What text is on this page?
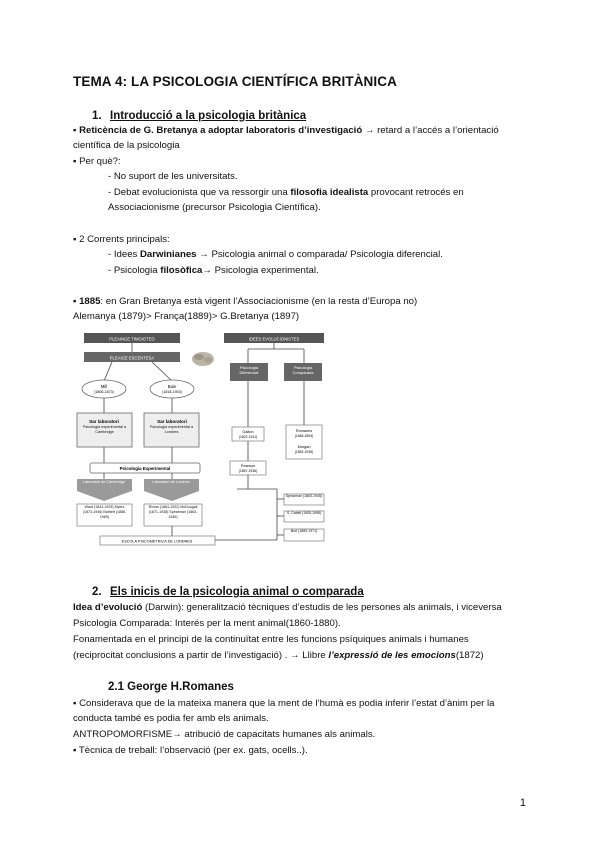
TEMA 4: LA PSICOLOGIA CIENTÍFICA BRITÀNICA
1. Introducció a la psicologia britànica
▪ Reticència de G. Bretanya a adoptar laboratoris d’investigació → retard a l’accés a l’orientació
científica de la psicologia
▪ Per què?:
- No suport de les universitats.
- Debat evolucionista que va ressorgir una filosofia idealista provocant retrocés en
Associacionisme (precursor Psicologia Científica).
▪ 2 Corrents principals:
- Idees Darwinianes → Psicologia animal o comparada/ Psicologia diferencial.
- Psicologia filosòfica→ Psicologia experimental.
▪ 1885: en Gran Bretanya està vigent l’Associacionisme (en la resta d’Europa no)
Alemanya (1879)> França(1889)> G.Bretanya (1897)
PLEAINGE TIMOIOTEO
PLEAIGE ESCENTESA
Mill
(1806-1873)
Bain
(1818-1903)
Sar laboratori
Psicologia experimental a Cambridge
Sar laboratori
Psicologia experimental a Londres
Psicologia Experimental
Laboratori de Cambridge	Laboratori de Londres
Ward (1843-1925) Myers (1873-1946) Bartlett (1886-1969)
Rivers (1864-1922) McDougall (1871-1938) Spearman (1863-1945)
ESCOLA PSICOMÈTRICA DE LONDRES
IDEES EVOLUCIONISTES
Psicologia Diferencial
Psicologia Comparada
Galton
(1822-1911)
Romanes
(1848-1894)
Morgan
(1852-1936)
Pearson
(1857-1936)
Spearman (1863-1945)
S. Cattell (1905-1998)
Burt (1883-1971)
2. Els inicis de la psicologia animal o comparada
Idea d’evolució (Darwin): generalització tècniques d’estudis de les persones als animals, i viceversa
Psicologia Comparada: Interés per la ment animal(1860-1880).
Fonamentada en el principi de la continuïtat entre les funcions psíquiques animals i humanes
(reciprocitat conclusions a partir de l’investigació) . → Llibre l’expressió de les emocions(1872)
2.1 George H.Romanes
▪ Considerava que de la mateixa manera que la ment de l’humà es podia inferir l’estat d’ànim per la
conducta també es podia fer amb els animals.
ANTROPOMORFISME→ atribució de capacitats humanes als animals.
▪ Tècnica de treball: l’observació (per ex. gats, ocells..).
1
